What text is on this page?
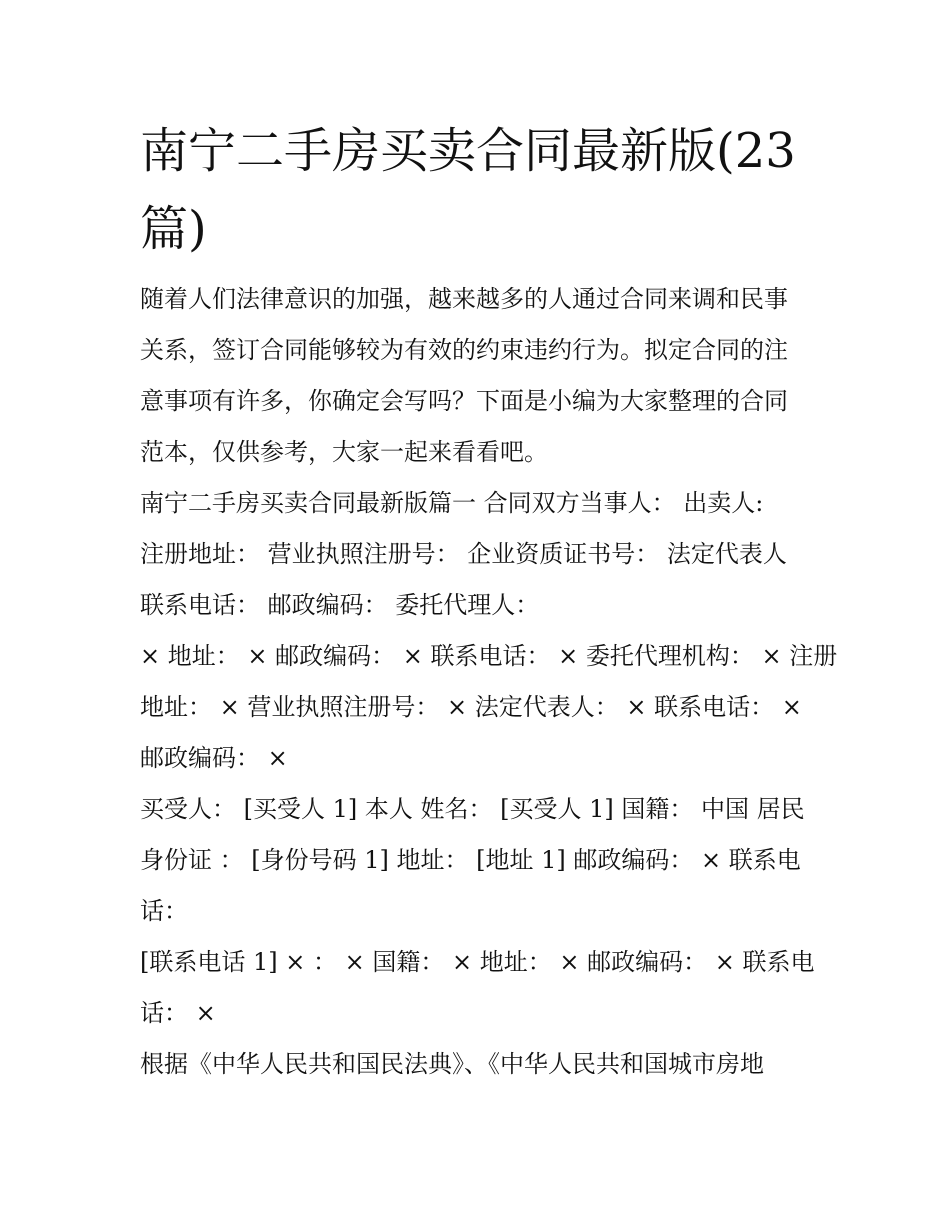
南宁二手房买卖合同最新版(23
篇)
随着人们法律意识的加强，越来越多的人通过合同来调和民事
关系，签订合同能够较为有效的约束违约行为。拟定合同的注
意事项有许多，你确定会写吗？下面是小编为大家整理的合同
范本，仅供参考，大家一起来看看吧。
南宁二手房买卖合同最新版篇一 合同双方当事人： 出卖人:
注册地址： 营业执照注册号： 企业资质证书号： 法定代表人
联系电话： 邮政编码： 委托代理人：
× 地址： × 邮政编码： × 联系电话： × 委托代理机构： × 注册
地址： × 营业执照注册号： × 法定代表人： × 联系电话： ×
邮政编码： ×
买受人： [买受人 1] 本人 姓名： [买受人 1] 国籍： 中国 居民
身份证 ： [身份号码 1] 地址： [地址 1] 邮政编码： × 联系电
话：
[联系电话 1] × ： × 国籍： × 地址： × 邮政编码： × 联系电
话： ×
根据《中华人民共和国民法典》、《中华人民共和国城市房地
